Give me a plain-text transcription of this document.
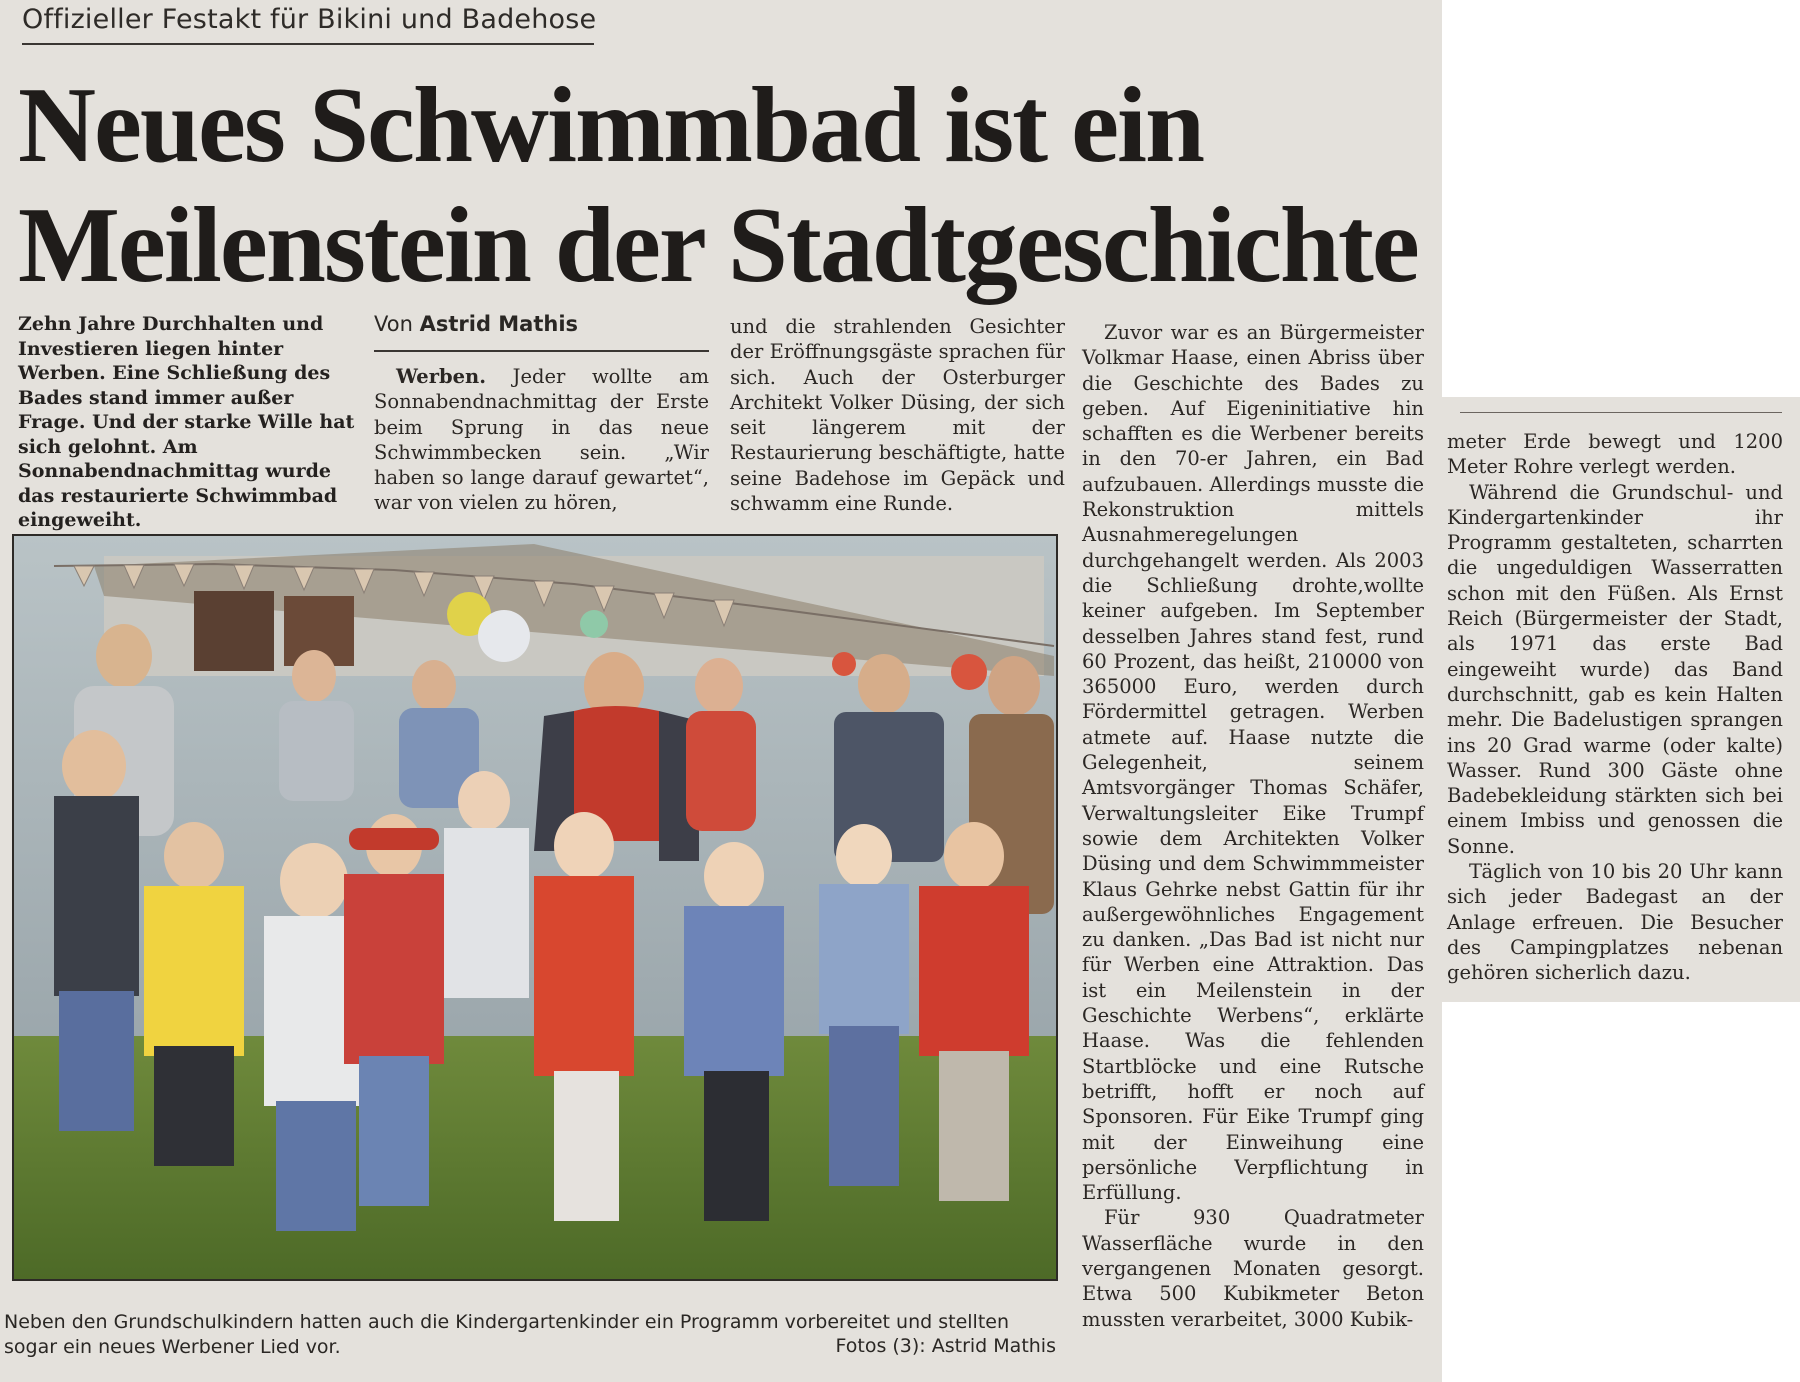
Offizieller Festakt für Bikini und Badehose
Neues Schwimmbad ist ein
Meilenstein der Stadtgeschichte

Zehn Jahre Durchhalten und Investieren liegen hinter Werben. Eine Schließung des Bades stand immer außer Frage. Und der starke Wille hat sich gelohnt. Am Sonnabendnachmittag wurde das restaurierte Schwimmbad eingeweiht.

Von Astrid Mathis

Werben. Jeder wollte am Sonnabendnachmittag der Erste beim Sprung in das neue Schwimmbecken sein. „Wir haben so lange darauf gewartet“, war von vielen zu hören,

und die strahlenden Gesichter der Eröffnungsgäste sprachen für sich. Auch der Osterburger Architekt Volker Düsing, der sich seit längerem mit der Restaurierung beschäftigte, hatte seine Badehose im Gepäck und schwamm eine Runde.

Zuvor war es an Bürgermeister Volkmar Haase, einen Abriss über die Geschichte des Bades zu geben. Auf Eigeninitiative hin schafften es die Werbener bereits in den 70-er Jahren, ein Bad aufzubauen. Allerdings musste die Rekonstruktion mittels Ausnahmeregelungen durchgehangelt werden. Als 2003 die Schließung drohte,wollte keiner aufgeben. Im September desselben Jahres stand fest, rund 60 Prozent, das heißt, 210000 von 365000 Euro, werden durch Fördermittel getragen. Werben atmete auf. Haase nutzte die Gelegenheit, seinem Amtsvorgänger Thomas Schäfer, Verwaltungsleiter Eike Trumpf sowie dem Architekten Volker Düsing und dem Schwimmmeister Klaus Gehrke nebst Gattin für ihr außergewöhnliches Engagement zu danken. „Das Bad ist nicht nur für Werben eine Attraktion. Das ist ein Meilenstein in der Geschichte Werbens“, erklärte Haase. Was die fehlenden Startblöcke und eine Rutsche betrifft, hofft er noch auf Sponsoren. Für Eike Trumpf ging mit der Einweihung eine persönliche Verpflichtung in Erfüllung.

Für 930 Quadratmeter Wasserfläche wurde in den vergangenen Monaten gesorgt. Etwa 500 Kubikmeter Beton mussten verarbeitet, 3000 Kubik-

meter Erde bewegt und 1200 Meter Rohre verlegt werden.

Während die Grundschul- und Kindergartenkinder ihr Programm gestalteten, scharrten die ungeduldigen Wasserratten schon mit den Füßen. Als Ernst Reich (Bürgermeister der Stadt, als 1971 das erste Bad eingeweiht wurde) das Band durchschnitt, gab es kein Halten mehr. Die Badelustigen sprangen ins 20 Grad warme (oder kalte) Wasser. Rund 300 Gäste ohne Badebekleidung stärkten sich bei einem Imbiss und genossen die Sonne.

Täglich von 10 bis 20 Uhr kann sich jeder Badegast an der Anlage erfreuen. Die Besucher des Campingplatzes nebenan gehören sicherlich dazu.

Neben den Grundschulkindern hatten auch die Kindergartenkinder ein Programm vorbereitet und stellten sogar ein neues Werbener Lied vor.	Fotos (3): Astrid Mathis
